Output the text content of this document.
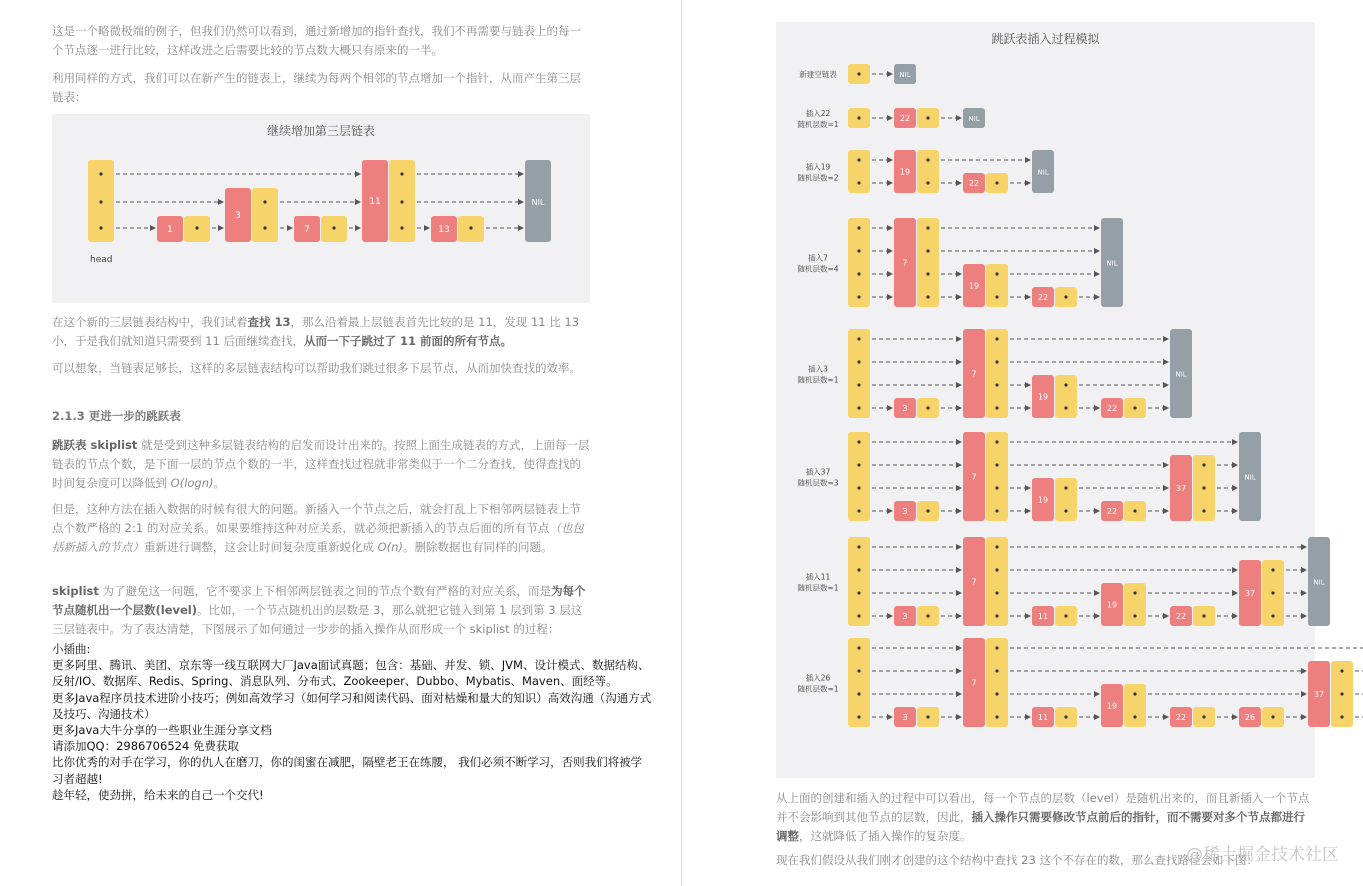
这是一个略微极端的例子，但我们仍然可以看到，通过新增加的指针查找，我们不再需要与链表上的每一个节点逐一进行比较，这样改进之后需要比较的节点数大概只有原来的一半。

利用同样的方式，我们可以在新产生的链表上，继续为每两个相邻的节点增加一个指针，从而产生第三层链表：

继续增加第三层链表
head
1
3
7
11
13
NIL

在这个新的三层链表结构中，我们试着查找 13，那么沿着最上层链表首先比较的是 11，发现 11 比 13 小，于是我们就知道只需要到 11 后面继续查找，从而一下子跳过了 11 前面的所有节点。

可以想象，当链表足够长，这样的多层链表结构可以帮助我们跳过很多下层节点，从而加快查找的效率。

2.1.3 更进一步的跳跃表

跳跃表 skiplist 就是受到这种多层链表结构的启发而设计出来的。按照上面生成链表的方式，上面每一层链表的节点个数，是下面一层的节点个数的一半，这样查找过程就非常类似于一个二分查找，使得查找的时间复杂度可以降低到 O(logn)。

但是，这种方法在插入数据的时候有很大的问题。新插入一个节点之后，就会打乱上下相邻两层链表上节点个数严格的 2:1 的对应关系。如果要维持这种对应关系，就必须把新插入的节点后面的所有节点（也包括新插入的节点）重新进行调整，这会让时间复杂度重新蜕化成 O(n)。删除数据也有同样的问题。

skiplist 为了避免这一问题，它不要求上下相邻两层链表之间的节点个数有严格的对应关系，而是为每个节点随机出一个层数(level)。比如，一个节点随机出的层数是 3，那么就把它链入到第 1 层到第 3 层这三层链表中。为了表达清楚，下图展示了如何通过一步步的插入操作从而形成一个 skiplist 的过程：

小插曲:
更多阿里、腾讯、美团、京东等一线互联网大厂Java面试真题；包含：基础、并发、锁、JVM、设计模式、数据结构、反射/IO、数据库、Redis、Spring、消息队列、分布式、Zookeeper、Dubbo、Mybatis、Maven、面经等。
更多Java程序员技术进阶小技巧；例如高效学习（如何学习和阅读代码、面对枯燥和量大的知识）高效沟通（沟通方式及技巧、沟通技术）
更多Java大牛分享的一些职业生涯分享文档
请添加QQ：2986706524 免费获取
比你优秀的对手在学习，你的仇人在磨刀，你的闺蜜在减肥，隔壁老王在练腰， 我们必须不断学习，否则我们将被学习者超越!
趁年轻，使劲拼，给未来的自己一个交代!
跳跃表插入过程模拟
新建空链表	NIL
插入22
随机层数=1
22	NIL
插入19
随机层数=2
19
22
NIL
插入7
随机层数=4
7
19
22
NIL
插入3
随机层数=1
3
7
19
22
NIL
插入37
随机层数=3
3
7
19
22
37
NIL
插入11
随机层数=1
3
7
11
19
22
37
NIL
插入26
随机层数=1
3
7
11
19
22	26
37

从上面的创建和插入的过程中可以看出，每一个节点的层数（level）是随机出来的，而且新插入一个节点并不会影响到其他节点的层数，因此，插入操作只需要修改节点前后的指针，而不需要对多个节点都进行调整，这就降低了插入操作的复杂度。

现在我们假设从我们刚才创建的这个结构中查找 23 这个不存在的数，那么查找路径会如下图：

@稀土掘金技术社区
